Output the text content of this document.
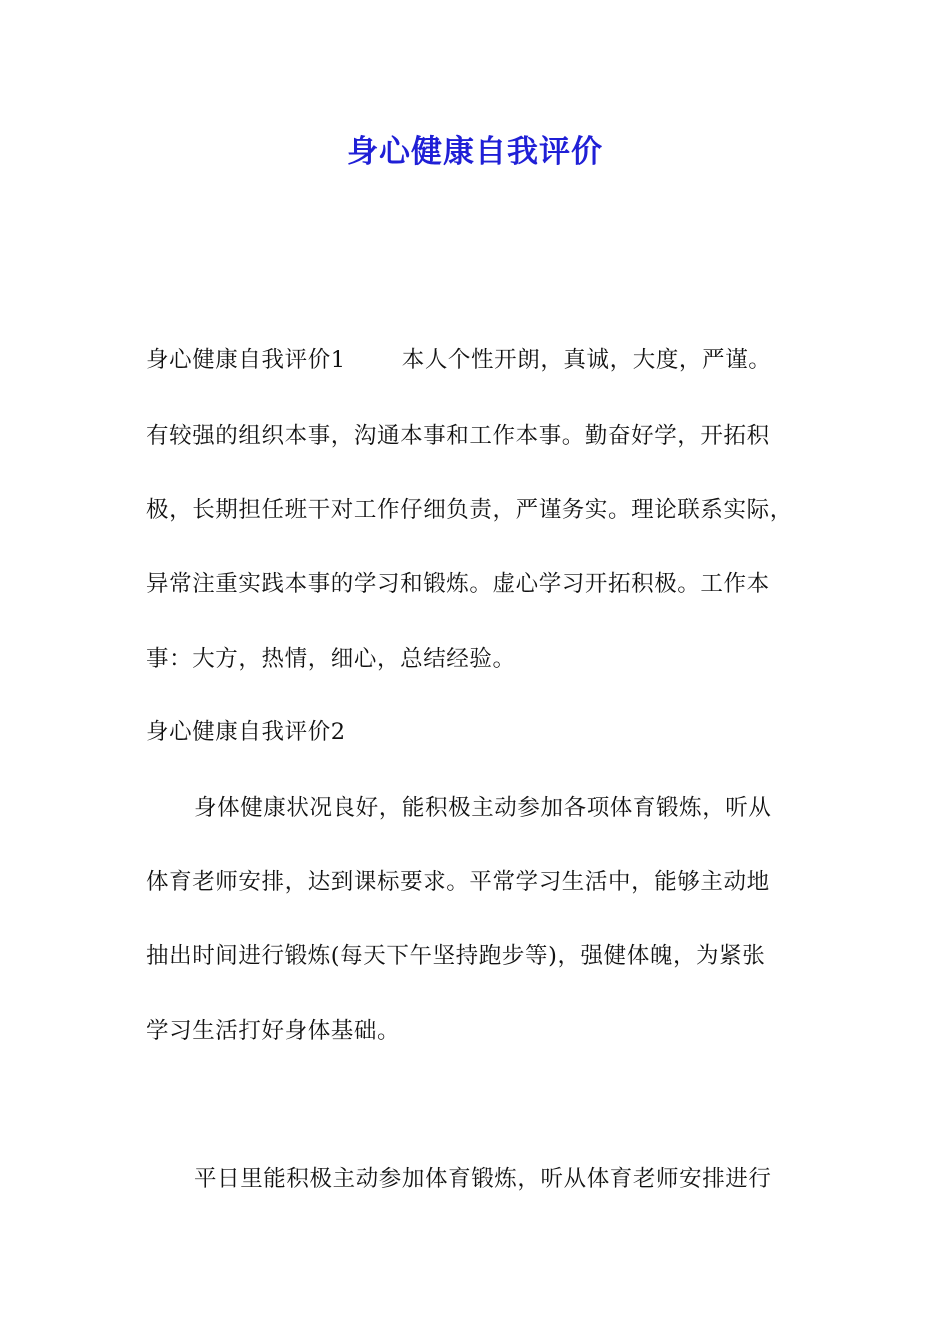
身心健康自我评价
身心健康自我评价1 本人个性开朗，真诚，大度，严谨。
有较强的组织本事，沟通本事和工作本事。勤奋好学，开拓积
极，长期担任班干对工作仔细负责，严谨务实。理论联系实际，
异常注重实践本事的学习和锻炼。虚心学习开拓积极。工作本
事：大方，热情，细心，总结经验。
身心健康自我评价2
身体健康状况良好，能积极主动参加各项体育锻炼，听从
体育老师安排，达到课标要求。平常学习生活中，能够主动地
抽出时间进行锻炼(每天下午坚持跑步等)，强健体魄，为紧张
学习生活打好身体基础。
平日里能积极主动参加体育锻炼，听从体育老师安排进行
